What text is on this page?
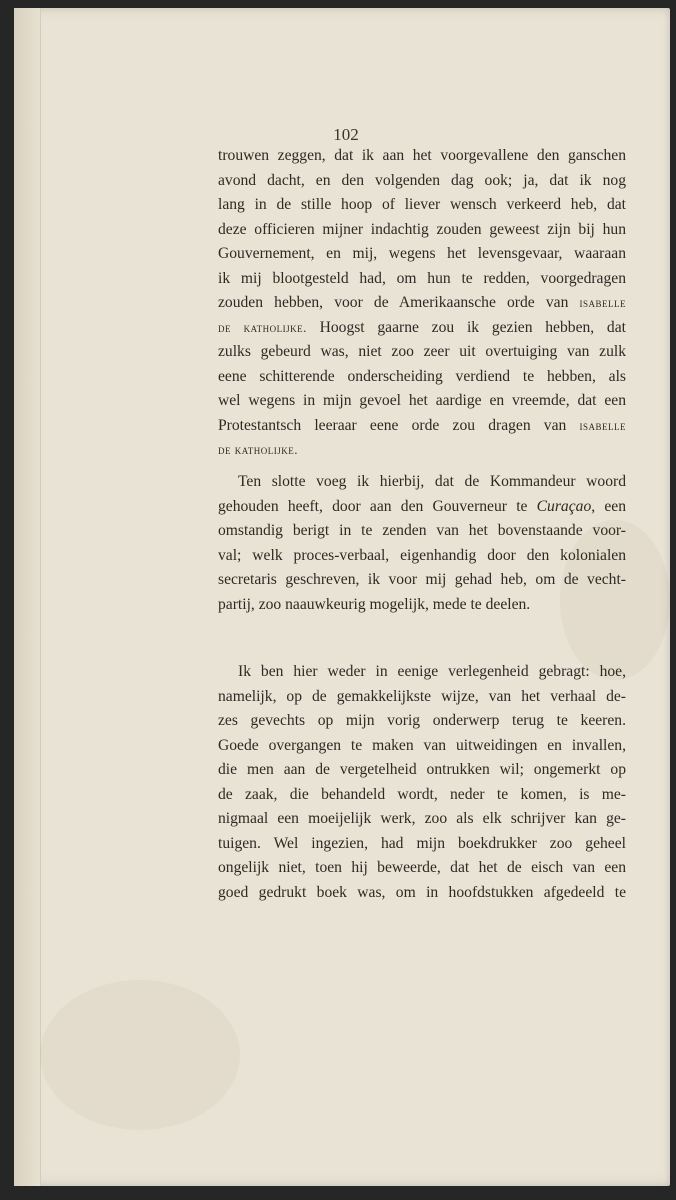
102
trouwen zeggen, dat ik aan het voorgevallene den ganschen
avond dacht, en den volgenden dag ook; ja, dat ik nog
lang in de stille hoop of liever wensch verkeerd heb, dat
deze officieren mijner indachtig zouden geweest zijn bij hun
Gouvernement, en mij, wegens het levensgevaar, waaraan
ik mij blootgesteld had, om hun te redden, voorgedragen
zouden hebben, voor de Amerikaansche orde van isabelle
de katholijke. Hoogst gaarne zou ik gezien hebben, dat
zulks gebeurd was, niet zoo zeer uit overtuiging van zulk
eene schitterende onderscheiding verdiend te hebben, als
wel wegens in mijn gevoel het aardige en vreemde, dat een
Protestantsch leeraar eene orde zou dragen van isabelle
de katholijke.
Ten slotte voeg ik hierbij, dat de Kommandeur woord
gehouden heeft, door aan den Gouverneur te Curaçao, een
omstandig berigt in te zenden van het bovenstaande voor-
val; welk proces-verbaal, eigenhandig door den kolonialen
secretaris geschreven, ik voor mij gehad heb, om de vecht-
partij, zoo naauwkeurig mogelijk, mede te deelen.
Ik ben hier weder in eenige verlegenheid gebragt: hoe,
namelijk, op de gemakkelijkste wijze, van het verhaal de-
zes gevechts op mijn vorig onderwerp terug te keeren.
Goede overgangen te maken van uitweidingen en invallen,
die men aan de vergetelheid ontrukken wil; ongemerkt op
de zaak, die behandeld wordt, neder te komen, is me-
nigmaal een moeijelijk werk, zoo als elk schrijver kan ge-
tuigen. Wel ingezien, had mijn boekdrukker zoo geheel
ongelijk niet, toen hij beweerde, dat het de eisch van een
goed gedrukt boek was, om in hoofdstukken afgedeeld te
